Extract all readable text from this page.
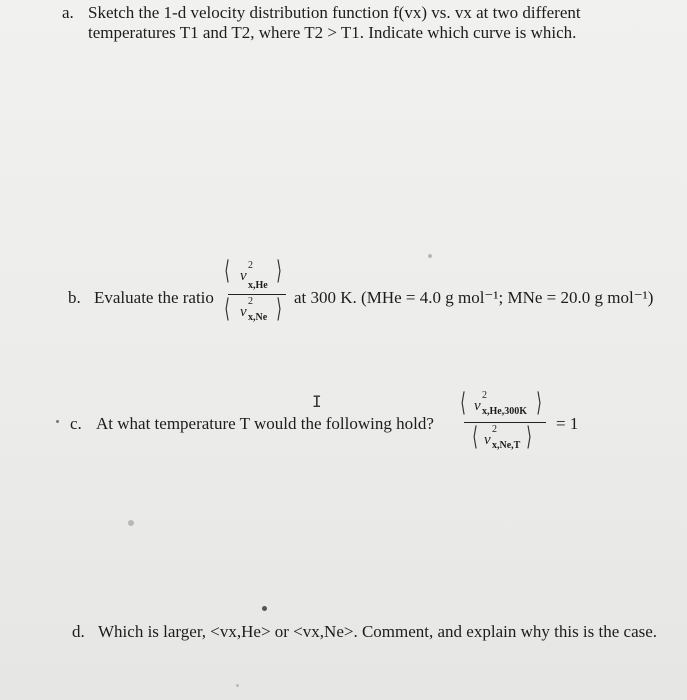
a. Sketch the 1-d velocity distribution function f(vx) vs. vx at two different
temperatures T1 and T2, where T2 > T1. Indicate which curve is which.
b. Evaluate the ratio
⟨ v
2
x,He ⟩
⟨ v
2
x,Ne ⟩ at 300 K. (MHe = 4.0 g mol⁻¹; MNe = 20.0 g mol⁻¹)
I
c. At what temperature T would the following hold?
⟨ v
2
x,He,300K ⟩
⟨ v
2
x,Ne,T ⟩ = 1
d. Which is larger, <vx,He> or <vx,Ne>. Comment, and explain why this is the case.
